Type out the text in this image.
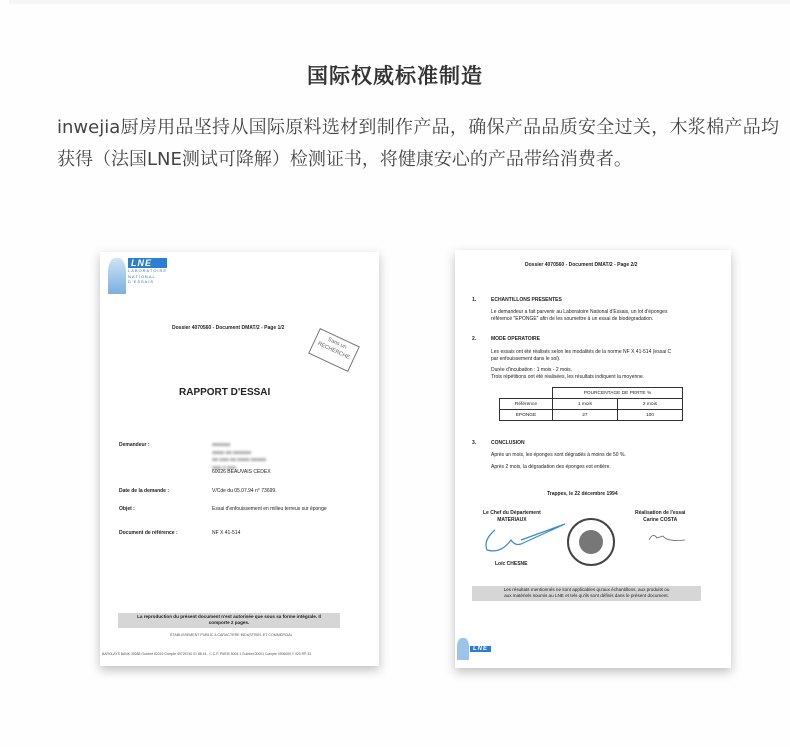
国际权威标准制造

inwejia厨房用品坚持从国际原料选材到制作产品，确保产品品质安全过关，木浆棉产品均获得（法国LNE测试可降解）检测证书，将健康安心的产品带给消费者。

LNE
LABORATOIRE
NATIONAL
D'ESSAIS
Dossier 4070560 - Document DMAT/2 - Page 1/2
Sans un RECHERCHE
RAPPORT D'ESSAI
Demandeur :	■■■■■■
■■■■ ■■ ■■■■■■
■■ ■■■ ■■ ■■■■ ■■■■■
■■■ ■ ■■■
60026 BEAUVAIS CEDEX
Date de la demande :	V/Cde du 05.07.94 n° 73699.
Objet :	Essai d'enfouissement en milieu terreux sur éponge
Document de référence :	NF X 41-514
La reproduction du présent document n'est autorisée que sous sa forme intégrale. Il comporte 2 pages.
ETABLISSEMENT PUBLIC A CARACTERE INDUSTRIEL ET COMMERCIAL
BARCLAYS BANK 35088 Guichet 62019 Compte 49726740 01 88 44 - C.C.P. PARIS 5004 1 Guichet 00001 Compte 0906009 Y 020 RP 33
Dossier 4070560 - Document DMAT/2 - Page 2/2
1.	ECHANTILLONS PRESENTES
Le demandeur a fait parvenir au Laboratoire National d'Essais, un lot d'éponges
référencé "EPONGE" afin de les soumettre à un essai de biodégradation.
2.	MODE OPERATOIRE
Les essais ont été réalisés selon les modalités de la norme NF X 41-514 (essai C
par enfouissement dans le sol).
Durée d'incubation : 1 mois - 2 mois.
Trois répétitions ont été réalisées, les résultats indiquent la moyenne.
	POURCENTAGE DE PERTE %	
Référence	1 mois	2 mois
EPONGE	27	100
3.	CONCLUSION
Après un mois, les éponges sont dégradés à moins de 50 %.
Après 2 mois, la dégradation des éponges est entière.
Trappes, le 22 décembre 1994
Le Chef du Département
MATERIAUX
Loïc CHESNE
Réalisation de l'essai
Carine COSTA
Les résultats mentionnés ne sont applicables qu'aux échantillons, aux produits ou
aux matériels soumis au LNE et tels qu'ils sont définis dans le présent document.
LNE
